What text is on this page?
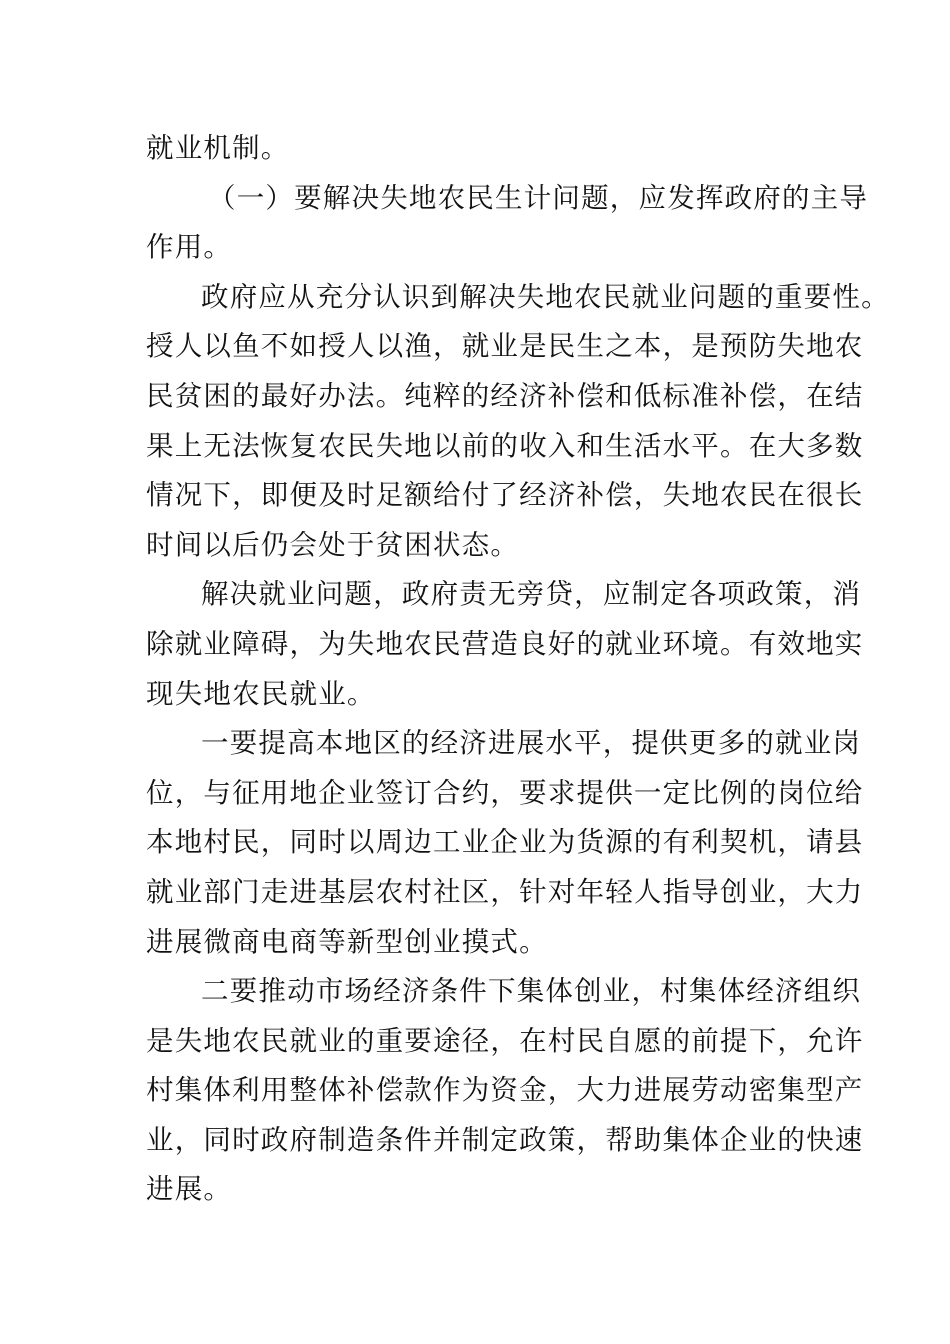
就业机制。
（一）要解决失地农民生计问题，应发挥政府的主导
作用。
政府应从充分认识到解决失地农民就业问题的重要性。
授人以鱼不如授人以渔，就业是民生之本，是预防失地农
民贫困的最好办法。纯粹的经济补偿和低标准补偿，在结
果上无法恢复农民失地以前的收入和生活水平。在大多数
情况下，即便及时足额给付了经济补偿，失地农民在很长
时间以后仍会处于贫困状态。
解决就业问题，政府责无旁贷，应制定各项政策，消
除就业障碍，为失地农民营造良好的就业环境。有效地实
现失地农民就业。
一要提高本地区的经济进展水平，提供更多的就业岗
位，与征用地企业签订合约，要求提供一定比例的岗位给
本地村民，同时以周边工业企业为货源的有利契机，请县
就业部门走进基层农村社区，针对年轻人指导创业，大力
进展微商电商等新型创业摸式。
二要推动市场经济条件下集体创业，村集体经济组织
是失地农民就业的重要途径，在村民自愿的前提下，允许
村集体利用整体补偿款作为资金，大力进展劳动密集型产
业，同时政府制造条件并制定政策，帮助集体企业的快速
进展。
